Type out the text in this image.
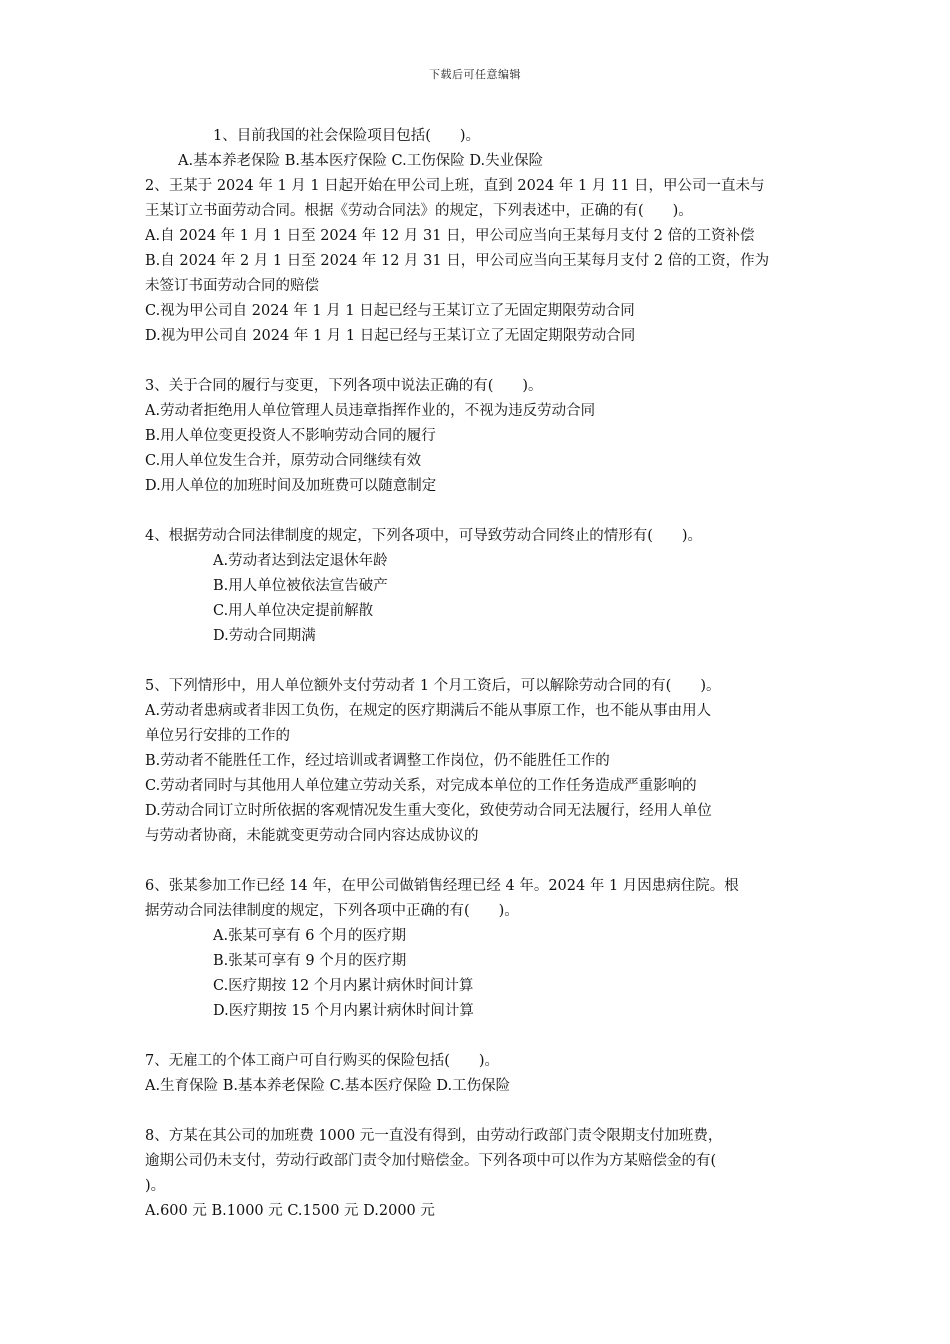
下载后可任意编辑
1、目前我国的社会保险项目包括(　　)。
A.基本养老保险 B.基本医疗保险 C.工伤保险 D.失业保险
2、王某于 2024 年 1 月 1 日起开始在甲公司上班，直到 2024 年 1 月 11 日，甲公司一直未与
王某订立书面劳动合同。根据《劳动合同法》的规定，下列表述中，正确的有(　　)。
A.自 2024 年 1 月 1 日至 2024 年 12 月 31 日，甲公司应当向王某每月支付 2 倍的工资补偿
B.自 2024 年 2 月 1 日至 2024 年 12 月 31 日，甲公司应当向王某每月支付 2 倍的工资，作为
未签订书面劳动合同的赔偿
C.视为甲公司自 2024 年 1 月 1 日起已经与王某订立了无固定期限劳动合同
D.视为甲公司自 2024 年 1 月 1 日起已经与王某订立了无固定期限劳动合同
3、关于合同的履行与变更，下列各项中说法正确的有(　　)。
A.劳动者拒绝用人单位管理人员违章指挥作业的，不视为违反劳动合同
B.用人单位变更投资人不影响劳动合同的履行
C.用人单位发生合并，原劳动合同继续有效
D.用人单位的加班时间及加班费可以随意制定
4、根据劳动合同法律制度的规定，下列各项中，可导致劳动合同终止的情形有(　　)。
A.劳动者达到法定退休年龄
B.用人单位被依法宣告破产
C.用人单位决定提前解散
D.劳动合同期满
5、下列情形中，用人单位额外支付劳动者 1 个月工资后，可以解除劳动合同的有(　　)。
A.劳动者患病或者非因工负伤，在规定的医疗期满后不能从事原工作，也不能从事由用人
单位另行安排的工作的
B.劳动者不能胜任工作，经过培训或者调整工作岗位，仍不能胜任工作的
C.劳动者同时与其他用人单位建立劳动关系，对完成本单位的工作任务造成严重影响的
D.劳动合同订立时所依据的客观情况发生重大变化，致使劳动合同无法履行，经用人单位
与劳动者协商，未能就变更劳动合同内容达成协议的
6、张某参加工作已经 14 年，在甲公司做销售经理已经 4 年。2024 年 1 月因患病住院。根
据劳动合同法律制度的规定，下列各项中正确的有(　　)。
A.张某可享有 6 个月的医疗期
B.张某可享有 9 个月的医疗期
C.医疗期按 12 个月内累计病休时间计算
D.医疗期按 15 个月内累计病休时间计算
7、无雇工的个体工商户可自行购买的保险包括(　　)。
A.生育保险 B.基本养老保险 C.基本医疗保险 D.工伤保险
8、方某在其公司的加班费 1000 元一直没有得到，由劳动行政部门责令限期支付加班费，
逾期公司仍未支付，劳动行政部门责令加付赔偿金。下列各项中可以作为方某赔偿金的有(
)。
A.600 元 B.1000 元 C.1500 元 D.2000 元
